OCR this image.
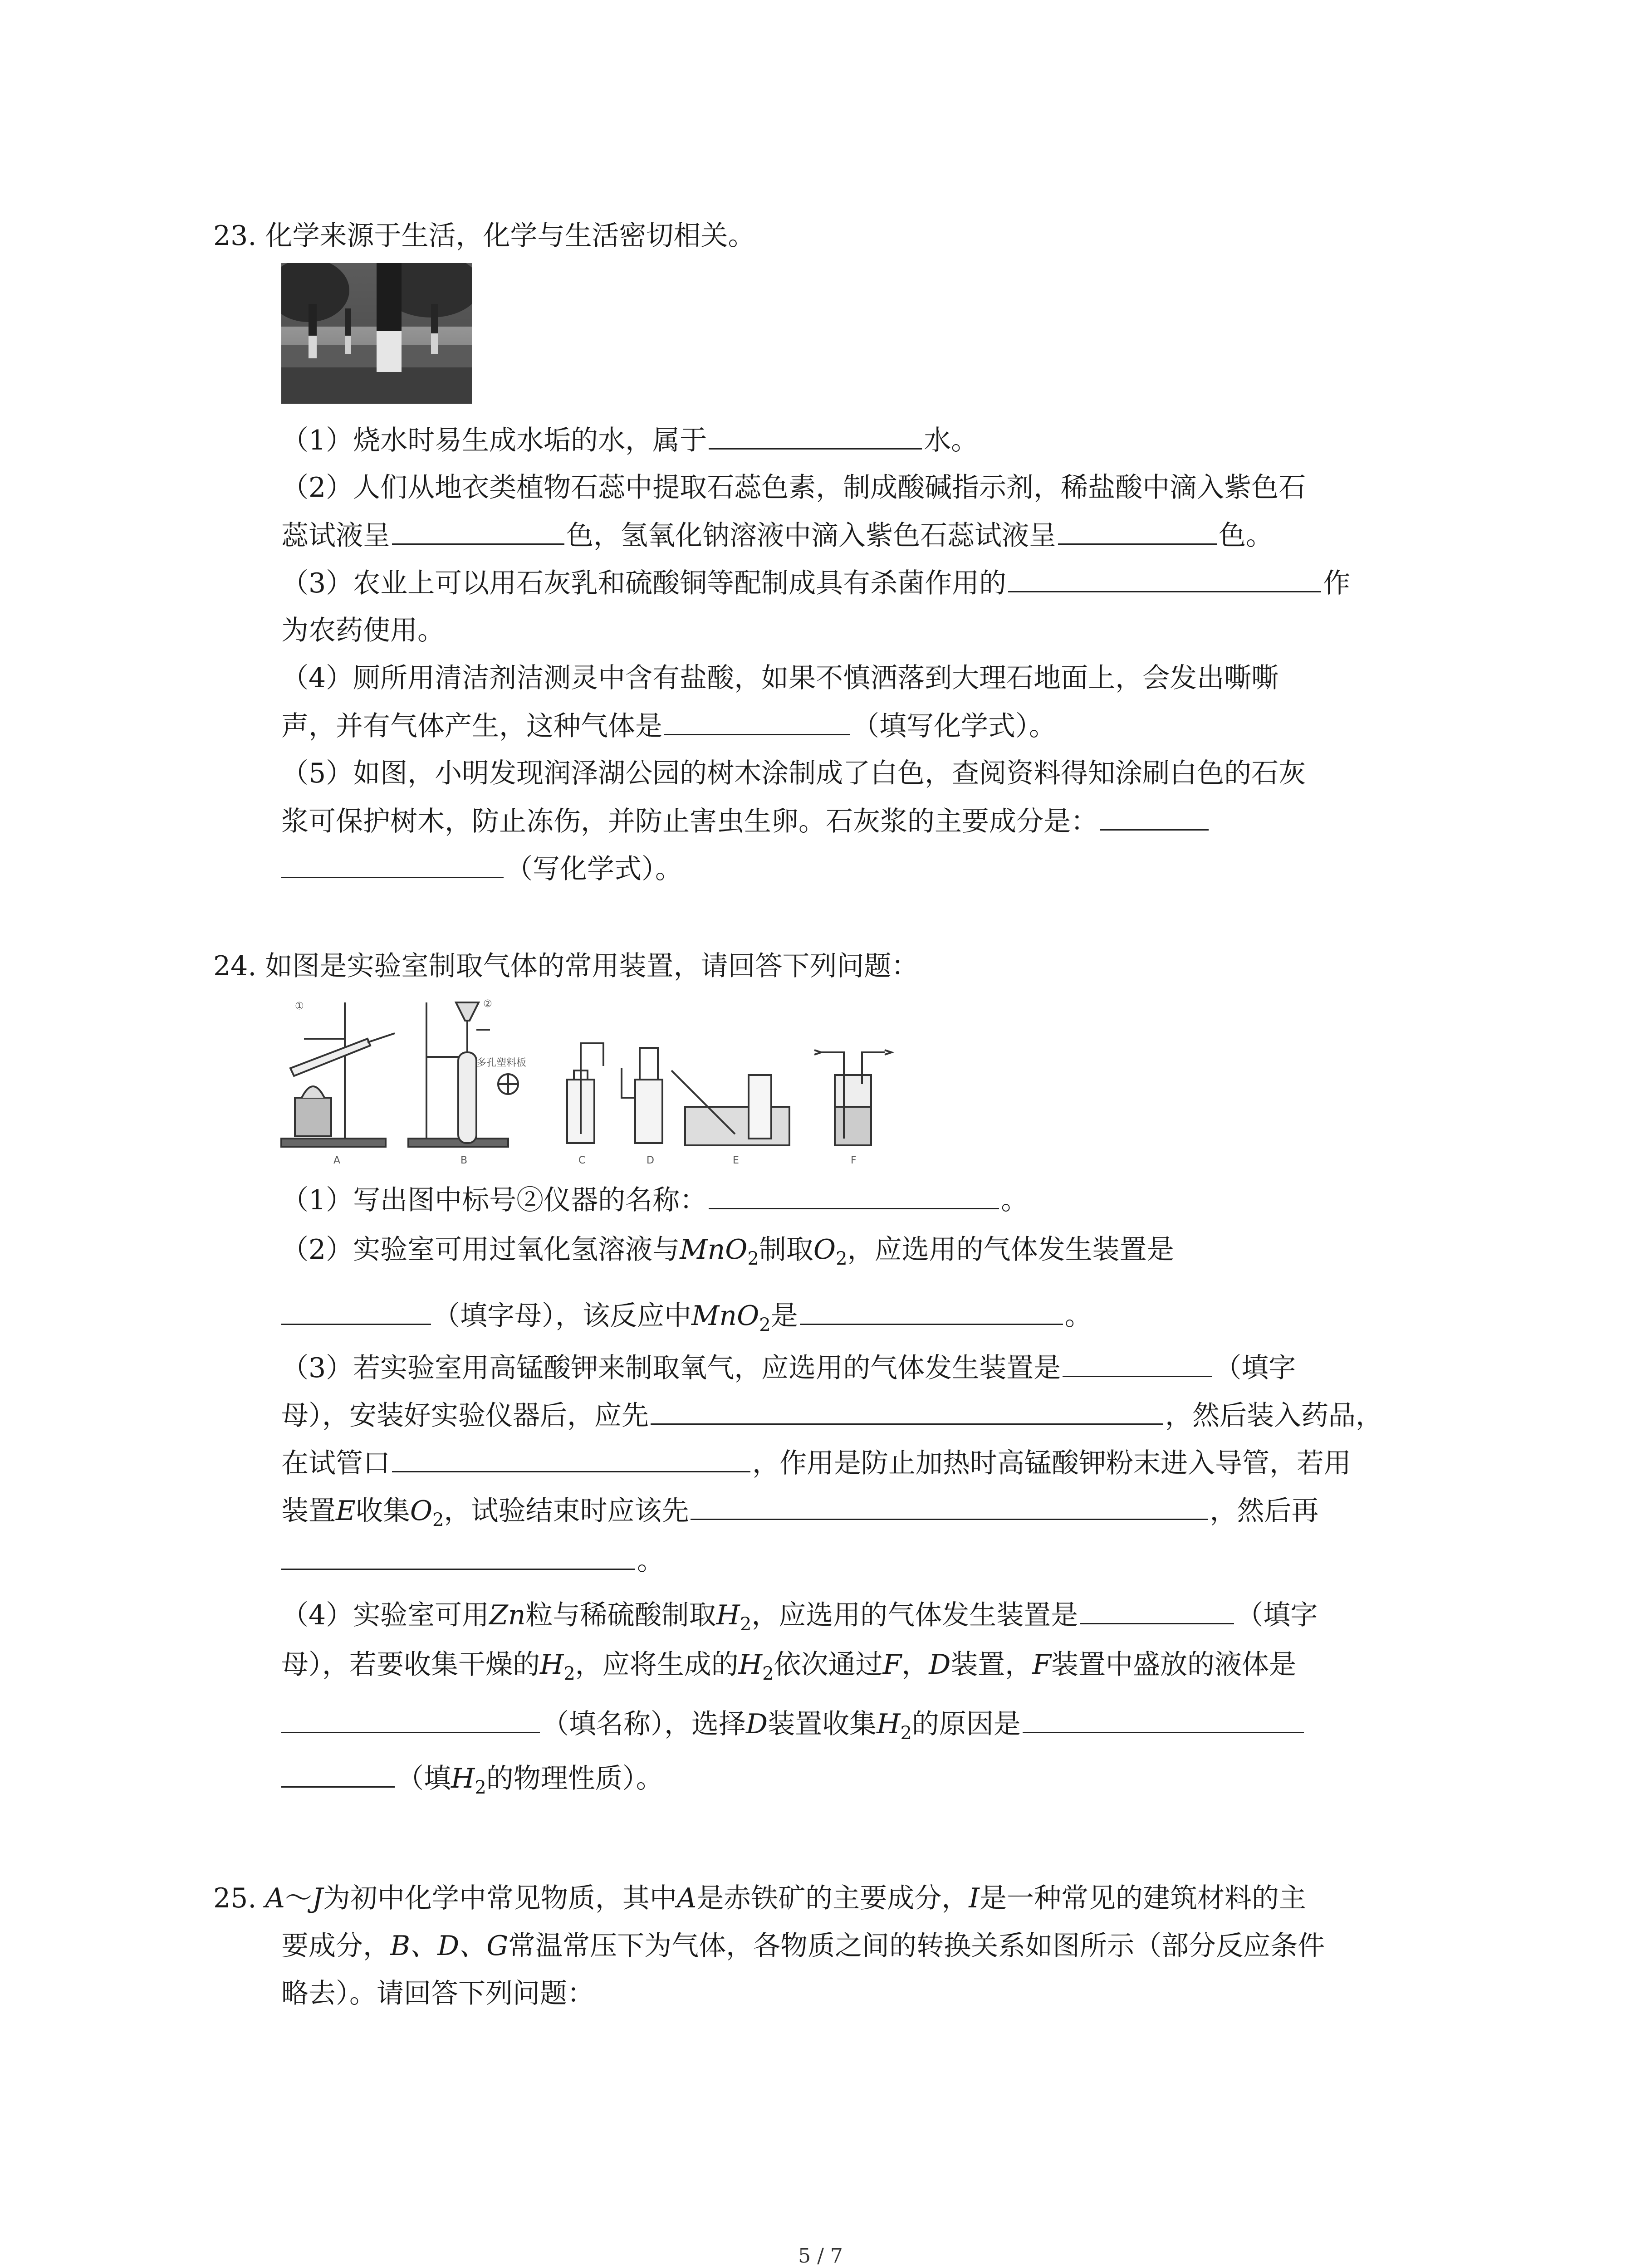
23. 化学来源于生活，化学与生活密切相关。
（1）烧水时易生成水垢的水，属于	水。
（2）人们从地衣类植物石蕊中提取石蕊色素，制成酸碱指示剂，稀盐酸中滴入紫色石
蕊试液呈	色，氢氧化钠溶液中滴入紫色石蕊试液呈	色。
（3）农业上可以用石灰乳和硫酸铜等配制成具有杀菌作用的	作
为农药使用。
（4）厕所用清洁剂洁测灵中含有盐酸，如果不慎洒落到大理石地面上，会发出嘶嘶
声，并有气体产生，这种气体是	（填写化学式）。
（5）如图，小明发现润泽湖公园的树木涂制成了白色，查阅资料得知涂刷白色的石灰
浆可保护树木，防止冻伤，并防止害虫生卵。石灰浆的主要成分是：
（写化学式）。
24. 如图是实验室制取气体的常用装置，请回答下列问题：
①	②
多孔塑料板
A	B	C	D	E	F
（1）写出图中标号②仪器的名称：	。
（2）实验室可用过氧化氢溶液与MnO$_2$制取$O_2$，应选用的气体发生装置是
（填字母），该反应中MnO$_2$是	。
（3）若实验室用高锰酸钾来制取氧气，应选用的气体发生装置是	（填字
母），安装好实验仪器后，应先	，然后装入药品，
在试管口	，作用是防止加热时高锰酸钾粉末进入导管，若用
装置E收集$O_2$，试验结束时应该先	，然后再
。
（4）实验室可用Zn粒与稀硫酸制取$H_2$，应选用的气体发生装置是	（填字
母），若要收集干燥的$H_2$，应将生成的$H_2$依次通过F，D装置，F装置中盛放的液体是
（填名称），选择D装置收集$H_2$的原因是
（填$H_2$的物理性质）。
25. A～J为初中化学中常见物质，其中A是赤铁矿的主要成分，I是一种常见的建筑材料的主
要成分，B、D、G常温常压下为气体，各物质之间的转换关系如图所示（部分反应条件
略去）。请回答下列问题：
5 / 7
